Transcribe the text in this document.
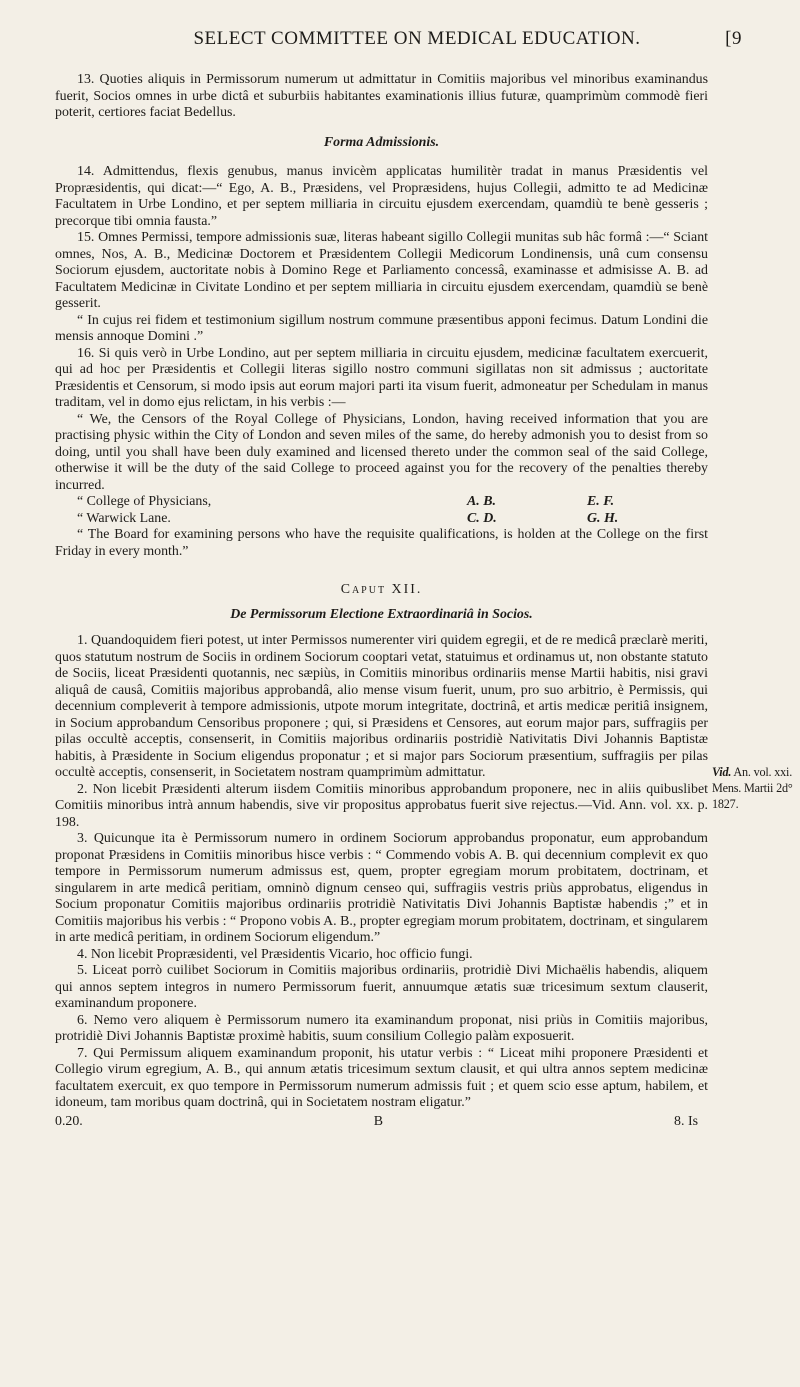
SELECT COMMITTEE ON MEDICAL EDUCATION.	[9

13. Quoties aliquis in Permissorum numerum ut admittatur in Comitiis majoribus vel minoribus examinandus fuerit, Socios omnes in urbe dictâ et suburbiis habitantes examinationis illius futuræ, quamprimùm commodè fieri poterit, certiores faciat Bedellus.

Forma Admissionis.

14. Admittendus, flexis genubus, manus invicèm applicatas humilitèr tradat in manus Præsidentis vel Propræsidentis, qui dicat:—“ Ego, A. B., Præsidens, vel Propræsidens, hujus Collegii, admitto te ad Medicinæ Facultatem in Urbe Londino, et per septem milliaria in circuitu ejusdem exercendam, quamdiù te benè gesseris ; precorque tibi omnia fausta.”

15. Omnes Permissi, tempore admissionis suæ, literas habeant sigillo Collegii munitas sub hâc formâ :—“ Sciant omnes, Nos, A. B., Medicinæ Doctorem et Præsidentem Collegii Medicorum Londinensis, unâ cum consensu Sociorum ejusdem, auctoritate nobis à Domino Rege et Parliamento concessâ, examinasse et admisisse A. B. ad Facultatem Medicinæ in Civitate Londino et per septem milliaria in circuitu ejusdem exercendam, quamdiù se benè gesserit.

“ In cujus rei fidem et testimonium sigillum nostrum commune præsentibus apponi fecimus. Datum Londini die mensis annoque Domini .”

16. Si quis verò in Urbe Londino, aut per septem milliaria in circuitu ejusdem, medicinæ facultatem exercuerit, qui ad hoc per Præsidentis et Collegii literas sigillo nostro communi sigillatas non sit admissus ; auctoritate Præsidentis et Censorum, si modo ipsis aut eorum majori parti ita visum fuerit, admoneatur per Schedulam in manus traditam, vel in domo ejus relictam, in his verbis :—

“ We, the Censors of the Royal College of Physicians, London, having received information that you are practising physic within the City of London and seven miles of the same, do hereby admonish you to desist from so doing, until you shall have been duly examined and licensed thereto under the common seal of the said College, otherwise it will be the duty of the said College to proceed against you for the recovery of the penalties thereby incurred.

“ College of Physicians,	A. B.	E. F.
“ Warwick Lane.	C. D.	G. H.

“ The Board for examining persons who have the requisite qualifications, is holden at the College on the first Friday in every month.”

Caput XII.

De Permissorum Electione Extraordinariâ in Socios.

1. Quandoquidem fieri potest, ut inter Permissos numerenter viri quidem egregii, et de re medicâ præclarè meriti, quos statutum nostrum de Sociis in ordinem Sociorum cooptari vetat, statuimus et ordinamus ut, non obstante statuto de Sociis, liceat Præsidenti quotannis, nec sæpiùs, in Comitiis minoribus ordinariis mense Martii habitis, nisi gravi aliquâ de causâ, Comitiis majoribus approbandâ, alio mense visum fuerit, unum, pro suo arbitrio, è Permissis, qui decennium compleverit à tempore admissionis, utpote morum integritate, doctrinâ, et artis medicæ peritiâ insignem, in Socium approbandum Censoribus proponere ; qui, si Præsidens et Censores, aut eorum major pars, suffragiis per pilas occultè acceptis, consenserit, in Comitiis majoribus ordinariis postridiè Nativitatis Divi Johannis Baptistæ habitis, à Præsidente in Socium eligendus proponatur ; et si major pars Sociorum præsentium, suffragiis per pilas occultè acceptis, consenserit, in Societatem nostram quamprimùm admittatur.

2. Non licebit Præsidenti alterum iisdem Comitiis minoribus approbandum proponere, nec in aliis quibuslibet Comitiis minoribus intrà annum habendis, sive vir propositus approbatus fuerit sive rejectus.—Vid. Ann. vol. xx. p. 198.

3. Quicunque ita è Permissorum numero in ordinem Sociorum approbandus proponatur, eum approbandum proponat Præsidens in Comitiis minoribus hisce verbis : “ Commendo vobis A. B. qui decennium complevit ex quo tempore in Permissorum numerum admissus est, quem, propter egregiam morum probitatem, doctrinam, et singularem in arte medicâ peritiam, omninò dignum censeo qui, suffragiis vestris priùs approbatus, eligendus in Socium proponatur Comitiis majoribus ordinariis protridiè Nativitatis Divi Johannis Baptistæ habendis ;” et in Comitiis majoribus his verbis : “ Propono vobis A. B., propter egregiam morum probitatem, doctrinam, et singularem in arte medicâ peritiam, in ordinem Sociorum eligendum.”

4. Non licebit Propræsidenti, vel Præsidentis Vicario, hoc officio fungi.

5. Liceat porrò cuilibet Sociorum in Comitiis majoribus ordinariis, protridiè Divi Michaëlis habendis, aliquem qui annos septem integros in numero Permissorum fuerit, annuumque ætatis suæ tricesimum sextum clauserit, examinandum proponere.

6. Nemo vero aliquem è Permissorum numero ita examinandum proponat, nisi priùs in Comitiis majoribus, protridiè Divi Johannis Baptistæ proximè habitis, suum consilium Collegio palàm exposuerit.

7. Qui Permissum aliquem examinandum proponit, his utatur verbis : “ Liceat mihi proponere Præsidenti et Collegio virum egregium, A. B., qui annum ætatis tricesimum sextum clausit, et qui ultra annos septem medicinæ facultatem exercuit, ex quo tempore in Permissorum numerum admissis fuit ; et quem scio esse aptum, habilem, et idoneum, tam moribus quam doctrinâ, qui in Societatem nostram eligatur.”

0.20.	B	8. Is
Vid. An. vol. xxi.
Mens. Martii 2d°
1827.
